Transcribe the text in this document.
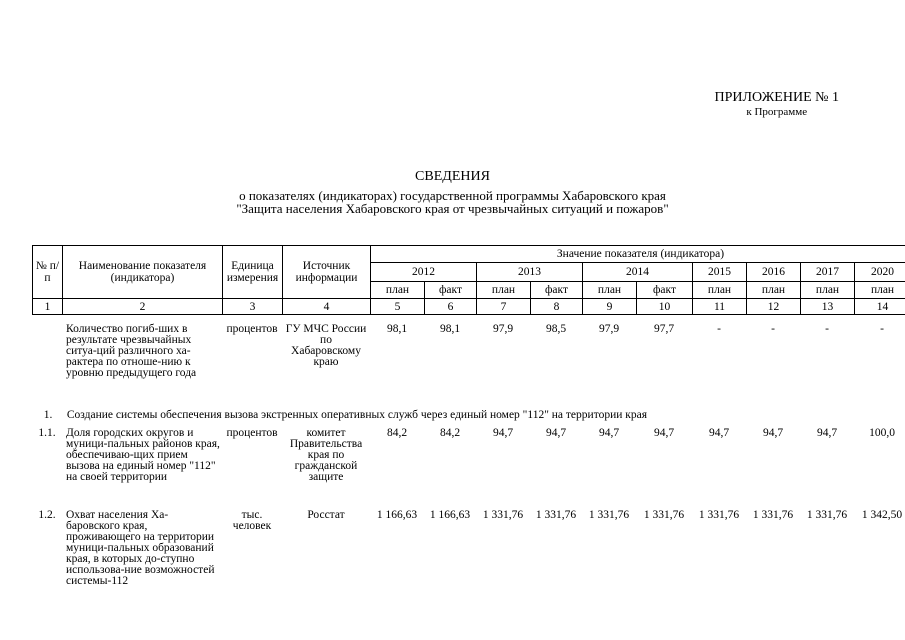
ПРИЛОЖЕНИЕ № 1
к Программе
СВЕДЕНИЯ
о показателях (индикаторах) государственной программы Хабаровского края
"Защита населения Хабаровского края от чрезвычайных ситуаций и пожаров"
№ п/п	Наименование показателя (индикатора)	Единица измерения	Источник информации	Значение показателя (индикатора)									
				2012		2013		2014		2015	2016	2017	2020
				план	факт	план	факт	план	факт	план	план	план	план
1	2	3	4	5	6	7	8	9	10	11	12	13	14
	Количество погиб-ших в результате чрезвычайных ситуа-ций различного ха-рактера по отноше-нию к уровню предыдущего года	процентов	ГУ МЧС России по Хабаровскому краю	98,1	98,1	97,9	98,5	97,9	97,7	-	-	-	-
1. Создание системы обеспечения вызова экстренных оперативных служб через единый номер "112" на территории края
1.1.	Доля городских округов и муници-пальных районов края, обеспечиваю-щих прием вызова на единый номер "112" на своей территории	процентов	комитет Правительства края по гражданской защите	84,2	84,2	94,7	94,7	94,7	94,7	94,7	94,7	94,7	100,0
1.2.	Охват населения Ха-баровского края, проживающего на территории муници-пальных образований края, в которых до-ступно использова-ние возможностей системы-112	тыс. человек	Росстат	1 166,63	1 166,63	1 331,76	1 331,76	1 331,76	1 331,76	1 331,76	1 331,76	1 331,76	1 342,50
